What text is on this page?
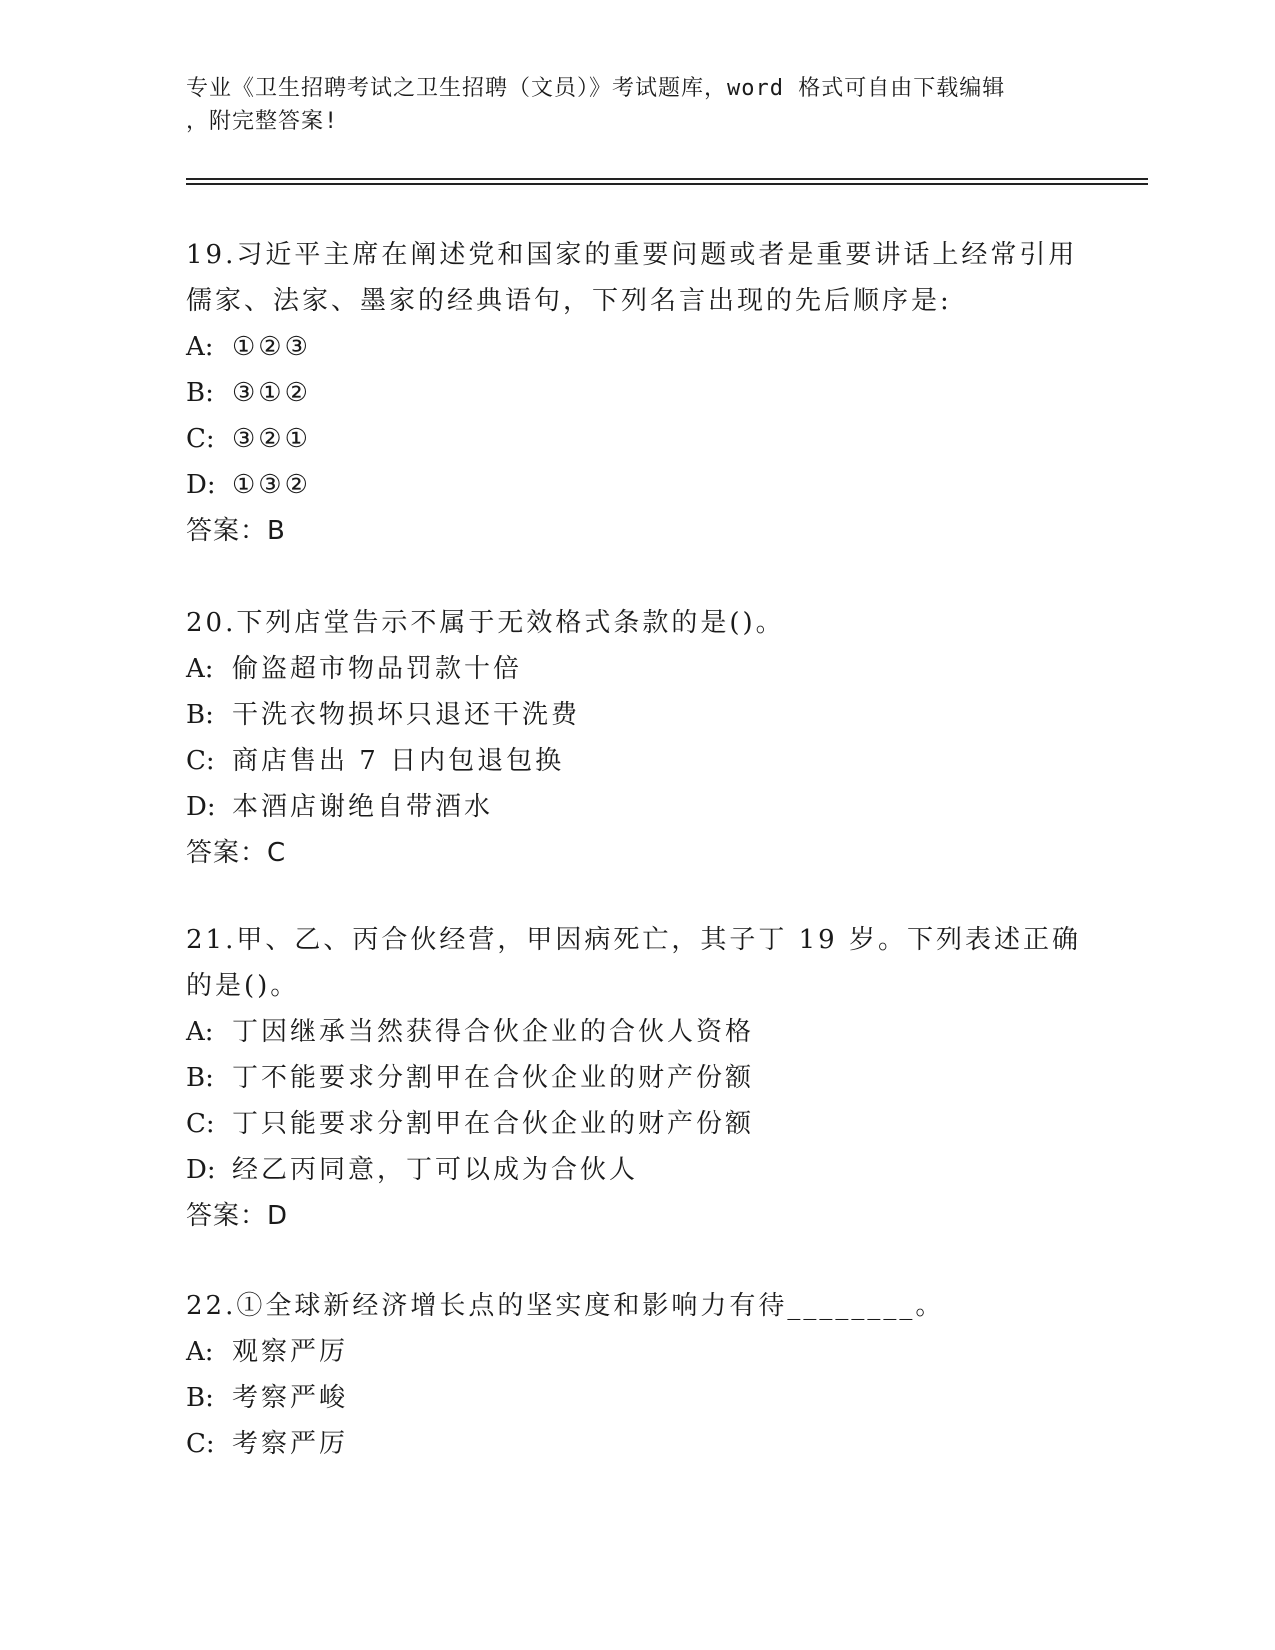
专业《卫生招聘考试之卫生招聘（文员）》考试题库，word 格式可自由下载编辑
，附完整答案!
19.习近平主席在阐述党和国家的重要问题或者是重要讲话上经常引用
儒家、法家、墨家的经典语句，下列名言出现的先后顺序是:
A: ①②③
B: ③①②
C: ③②①
D: ①③②
答案：B
20.下列店堂告示不属于无效格式条款的是()。
A: 偷盗超市物品罚款十倍
B: 干洗衣物损坏只退还干洗费
C: 商店售出 7 日内包退包换
D: 本酒店谢绝自带酒水
答案：C
21.甲、乙、丙合伙经营，甲因病死亡，其子丁 19 岁。下列表述正确
的是()。
A: 丁因继承当然获得合伙企业的合伙人资格
B: 丁不能要求分割甲在合伙企业的财产份额
C: 丁只能要求分割甲在合伙企业的财产份额
D: 经乙丙同意，丁可以成为合伙人
答案：D
22.①全球新经济增长点的坚实度和影响力有待________。
A: 观察严厉
B: 考察严峻
C: 考察严厉
